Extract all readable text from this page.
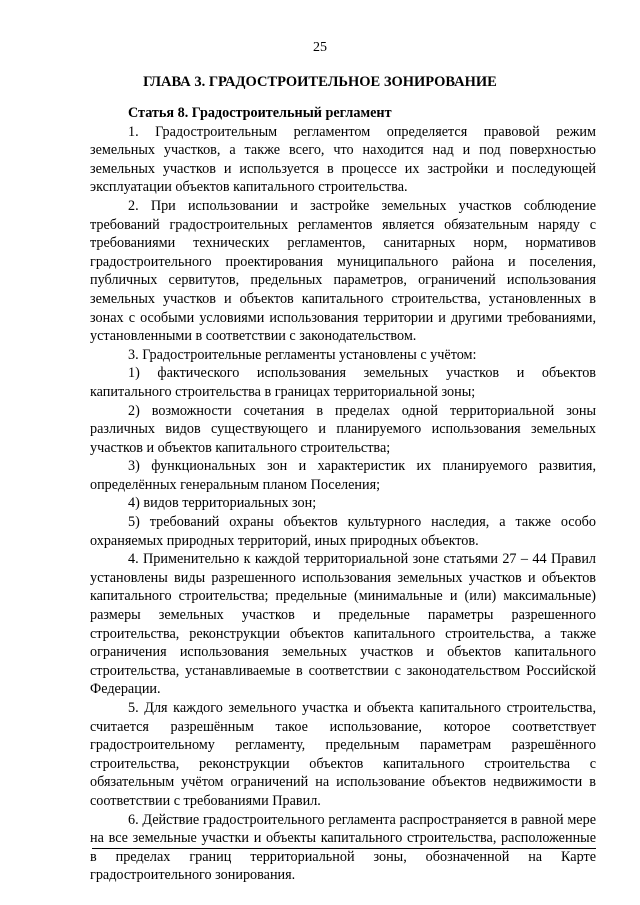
25
ГЛАВА 3. ГРАДОСТРОИТЕЛЬНОЕ ЗОНИРОВАНИЕ

Статья 8. Градостроительный регламент

1. Градостроительным регламентом определяется правовой режим земельных участков, а также всего, что находится над и под поверхностью земельных участков и используется в процессе их застройки и последующей эксплуатации объектов капитального строительства.

2. При использовании и застройке земельных участков соблюдение требований градостроительных регламентов является обязательным наряду с требованиями технических регламентов, санитарных норм, нормативов градостроительного проектирования муниципального района и поселения, публичных сервитутов, предельных параметров, ограничений использования земельных участков и объектов капитального строительства, установленных в зонах с особыми условиями использования территории и другими требованиями, установленными в соответствии с законодательством.

3. Градостроительные регламенты установлены с учётом:

1) фактического использования земельных участков и объектов капитального строительства в границах территориальной зоны;

2) возможности сочетания в пределах одной территориальной зоны различных видов существующего и планируемого использования земельных участков и объектов капитального строительства;

3) функциональных зон и характеристик их планируемого развития, определённых генеральным планом Поселения;

4) видов территориальных зон;

5) требований охраны объектов культурного наследия, а также особо охраняемых природных территорий, иных природных объектов.

4. Применительно к каждой территориальной зоне статьями 27 – 44 Правил установлены виды разрешенного использования земельных участков и объектов капитального строительства; предельные (минимальные и (или) максимальные) размеры земельных участков и предельные параметры разрешенного строительства, реконструкции объектов капитального строительства, а также ограничения использования земельных участков и объектов капитального строительства, устанавливаемые в соответствии с законодательством Российской Федерации.

5. Для каждого земельного участка и объекта капитального строительства, считается разрешённым такое использование, которое соответствует градостроительному регламенту, предельным параметрам разрешённого строительства, реконструкции объектов капитального строительства с обязательным учётом ограничений на использование объектов недвижимости в соответствии с требованиями Правил.

6. Действие градостроительного регламента распространяется в равной мере на все земельные участки и объекты капитального строительства, расположенные в пределах границ территориальной зоны, обозначенной на Карте градостроительного зонирования.
